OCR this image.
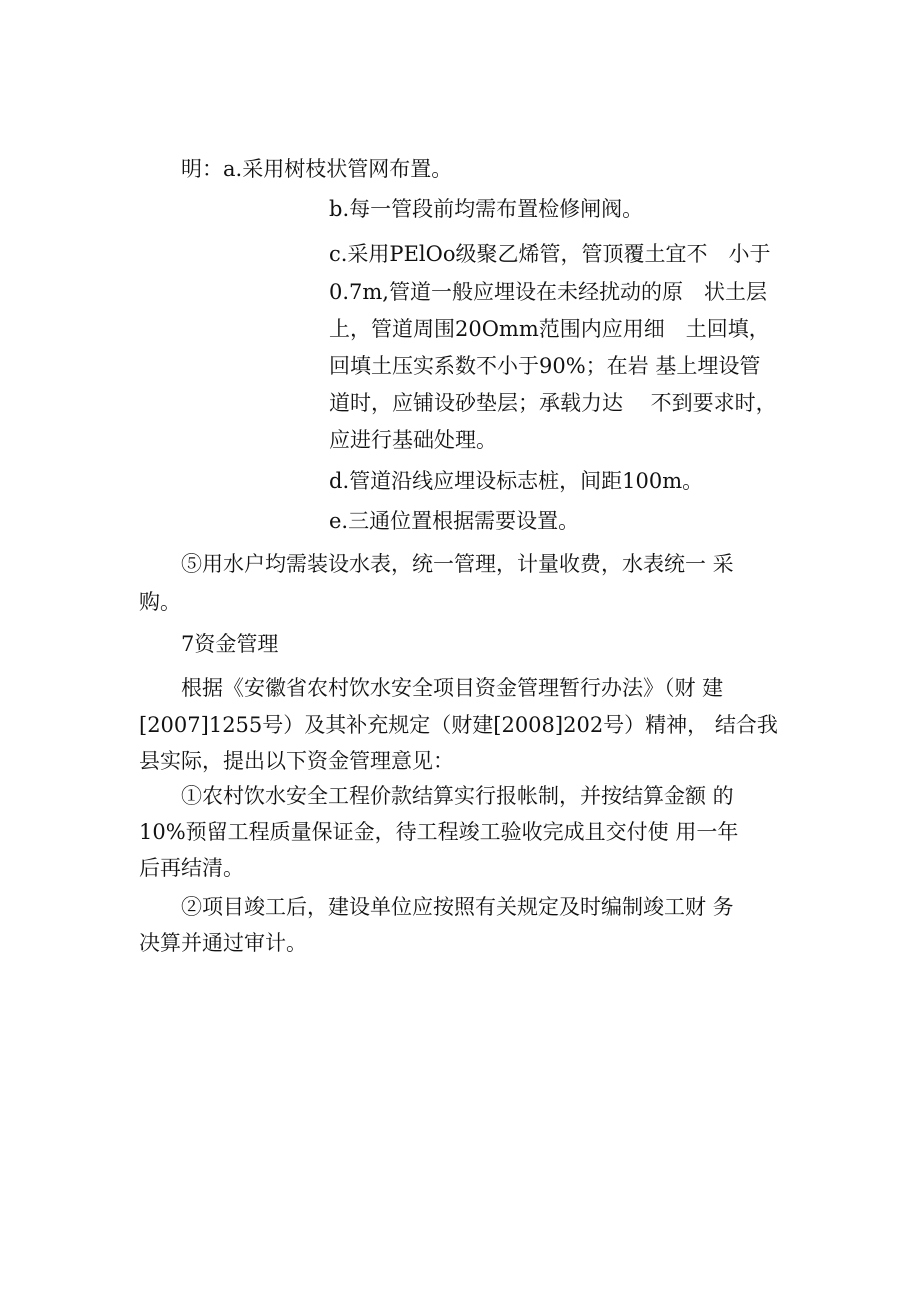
明：a.采用树枝状管网布置。
b.每一管段前均需布置检修闸阀。
c.采用PElOo级聚乙烯管，管顶覆土宜不　小于
0.7m,管道一般应埋设在未经扰动的原　状土层
上，管道周围20Omm范围内应用细　土回填，
回填土压实系数不小于90%；在岩 基上埋设管
道时，应铺设砂垫层；承载力达　 不到要求时，
应进行基础处理。
d.管道沿线应埋设标志桩，间距100m。
e.三通位置根据需要设置。
⑤用水户均需装设水表，统一管理，计量收费，水表统一 采
购。
7资金管理
根据《安徽省农村饮水安全项目资金管理暂行办法》（财 建
[2007]1255号）及其补充规定（财建[2008]202号）精神， 结合我
县实际，提出以下资金管理意见：
①农村饮水安全工程价款结算实行报帐制，并按结算金额 的
10%预留工程质量保证金，待工程竣工验收完成且交付使 用一年
后再结清。
②项目竣工后，建设单位应按照有关规定及时编制竣工财 务
决算并通过审计。
